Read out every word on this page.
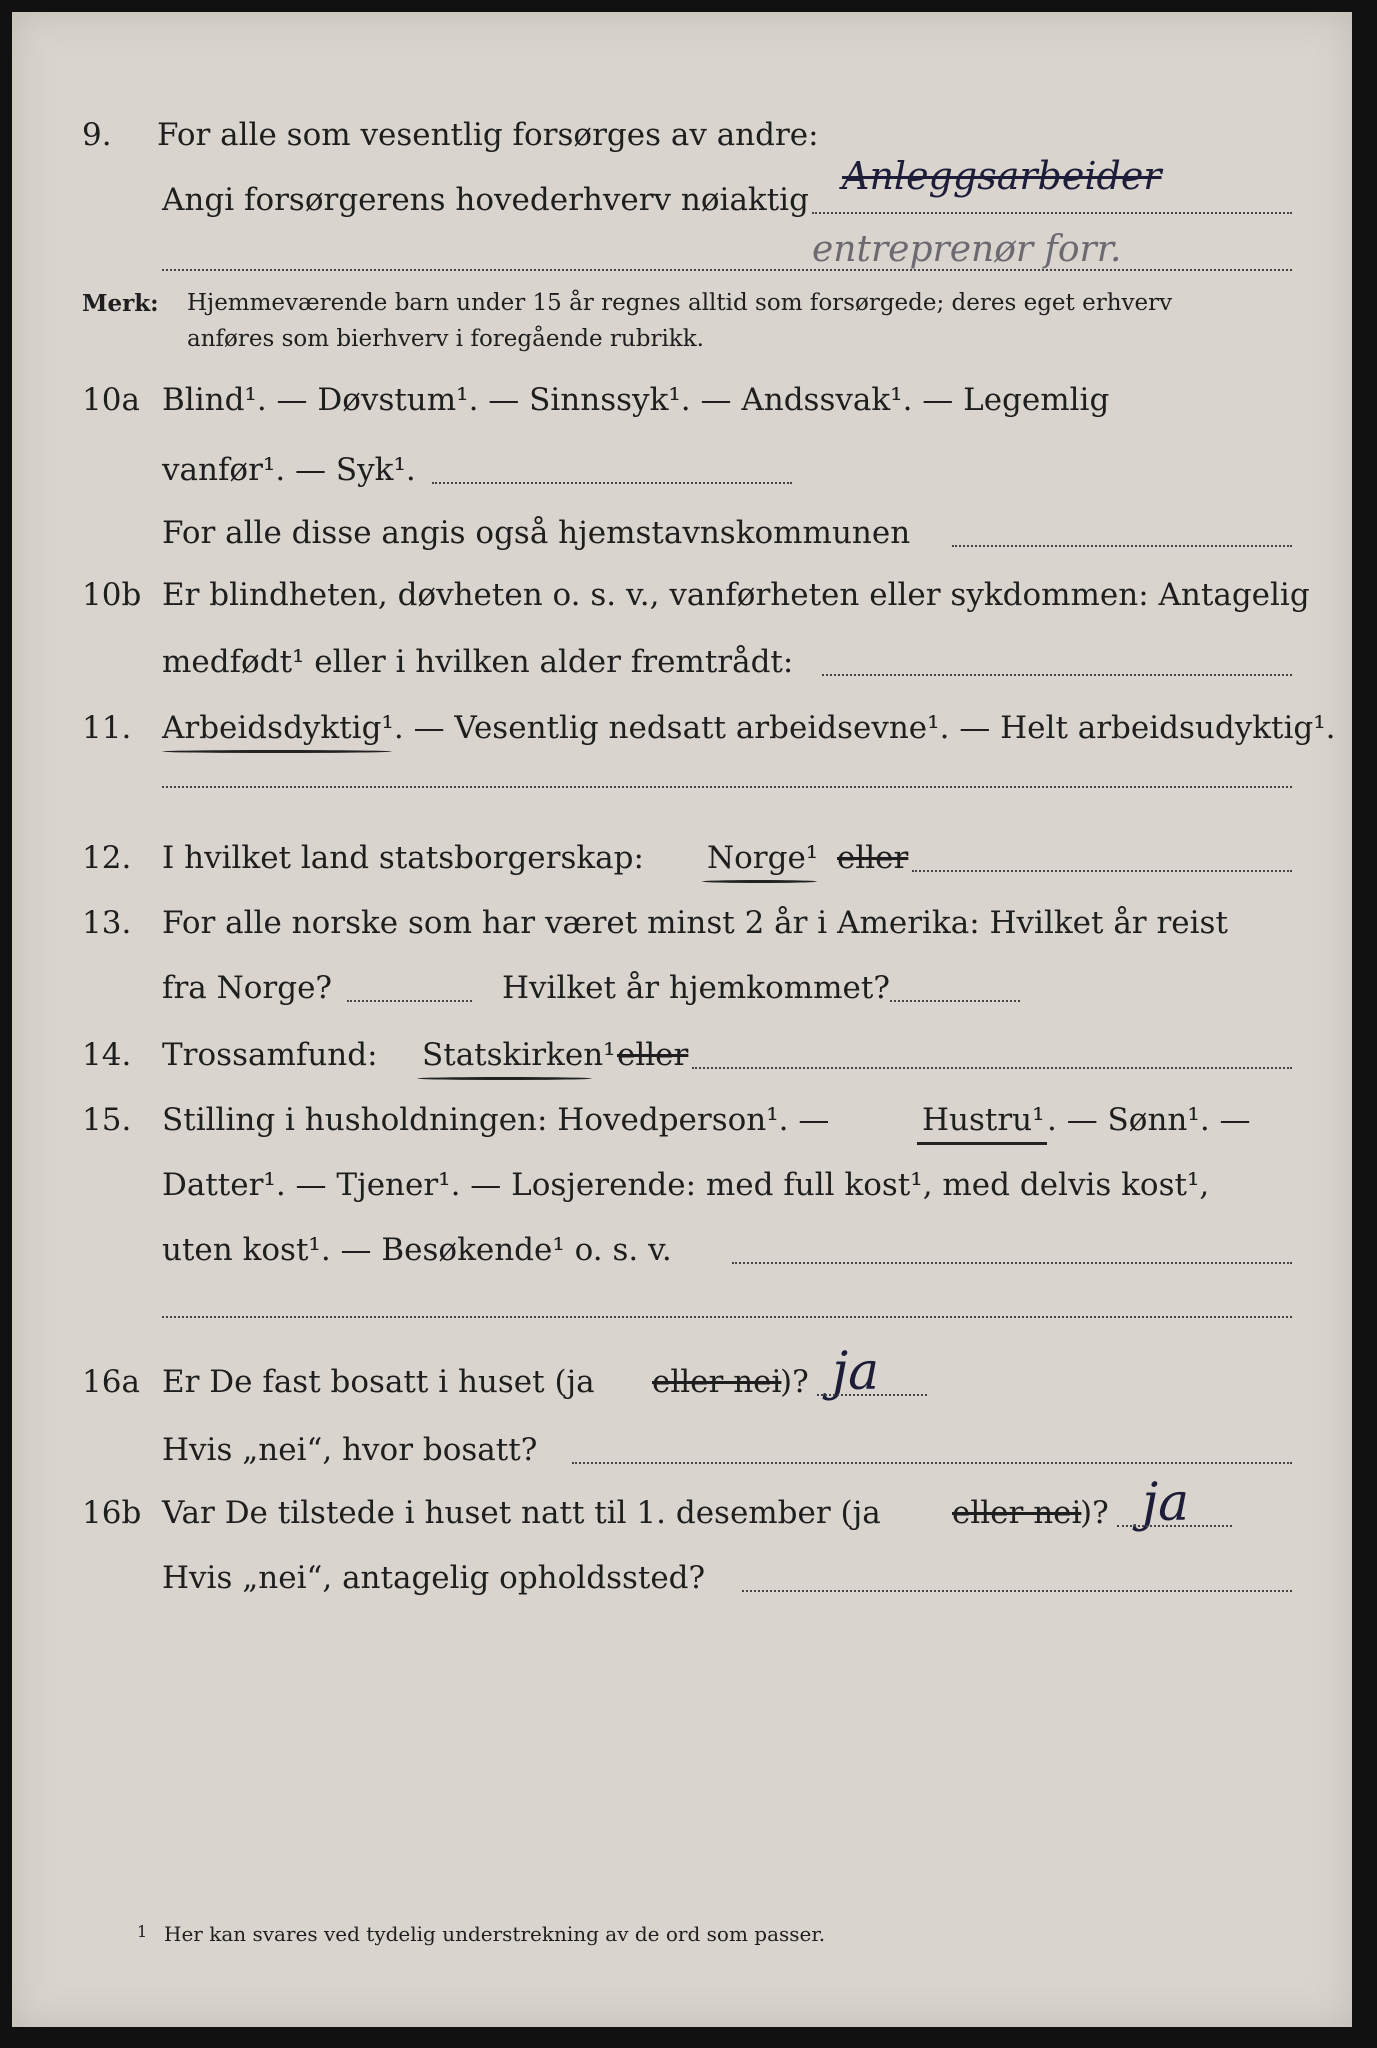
9. For alle som vesentlig forsørges av andre:
Angi forsørgerens hovederhverv nøiaktig
Anleggsarbeider
entreprenør forr.
Merk: Hjemmeværende barn under 15 år regnes alltid som forsørgede; deres eget erhverv
anføres som bierhverv i foregående rubrikk.
10a Blind¹. — Døvstum¹. — Sinnssyk¹. — Andssvak¹. — Legemlig
vanfør¹. — Syk¹.
For alle disse angis også hjemstavnskommunen
10b Er blindheten, døvheten o. s. v., vanførheten eller sykdommen: Antagelig
medfødt¹ eller i hvilken alder fremtrådt:
11. Arbeidsdyktig¹. — Vesentlig nedsatt arbeidsevne¹. — Helt arbeidsudyktig¹.
12. I hvilket land statsborgerskap: Norge¹ eller
13. For alle norske som har været minst 2 år i Amerika: Hvilket år reist
fra Norge?	Hvilket år hjemkommet?
14. Trossamfund: Statskirken¹ eller
15. Stilling i husholdningen: Hovedperson¹. —	Hustru¹ . — Sønn¹. —
Datter¹. — Tjener¹. — Losjerende: med full kost¹, med delvis kost¹,
uten kost¹. — Besøkende¹ o. s. v.
16a Er De fast bosatt i huset (ja eller nei
)? ja
Hvis „nei“, hvor bosatt?
16b Var De tilstede i huset natt til 1. desember (ja eller nei
)? ja
Hvis „nei“, antagelig opholdssted?
1 Her kan svares ved tydelig understrekning av de ord som passer.
